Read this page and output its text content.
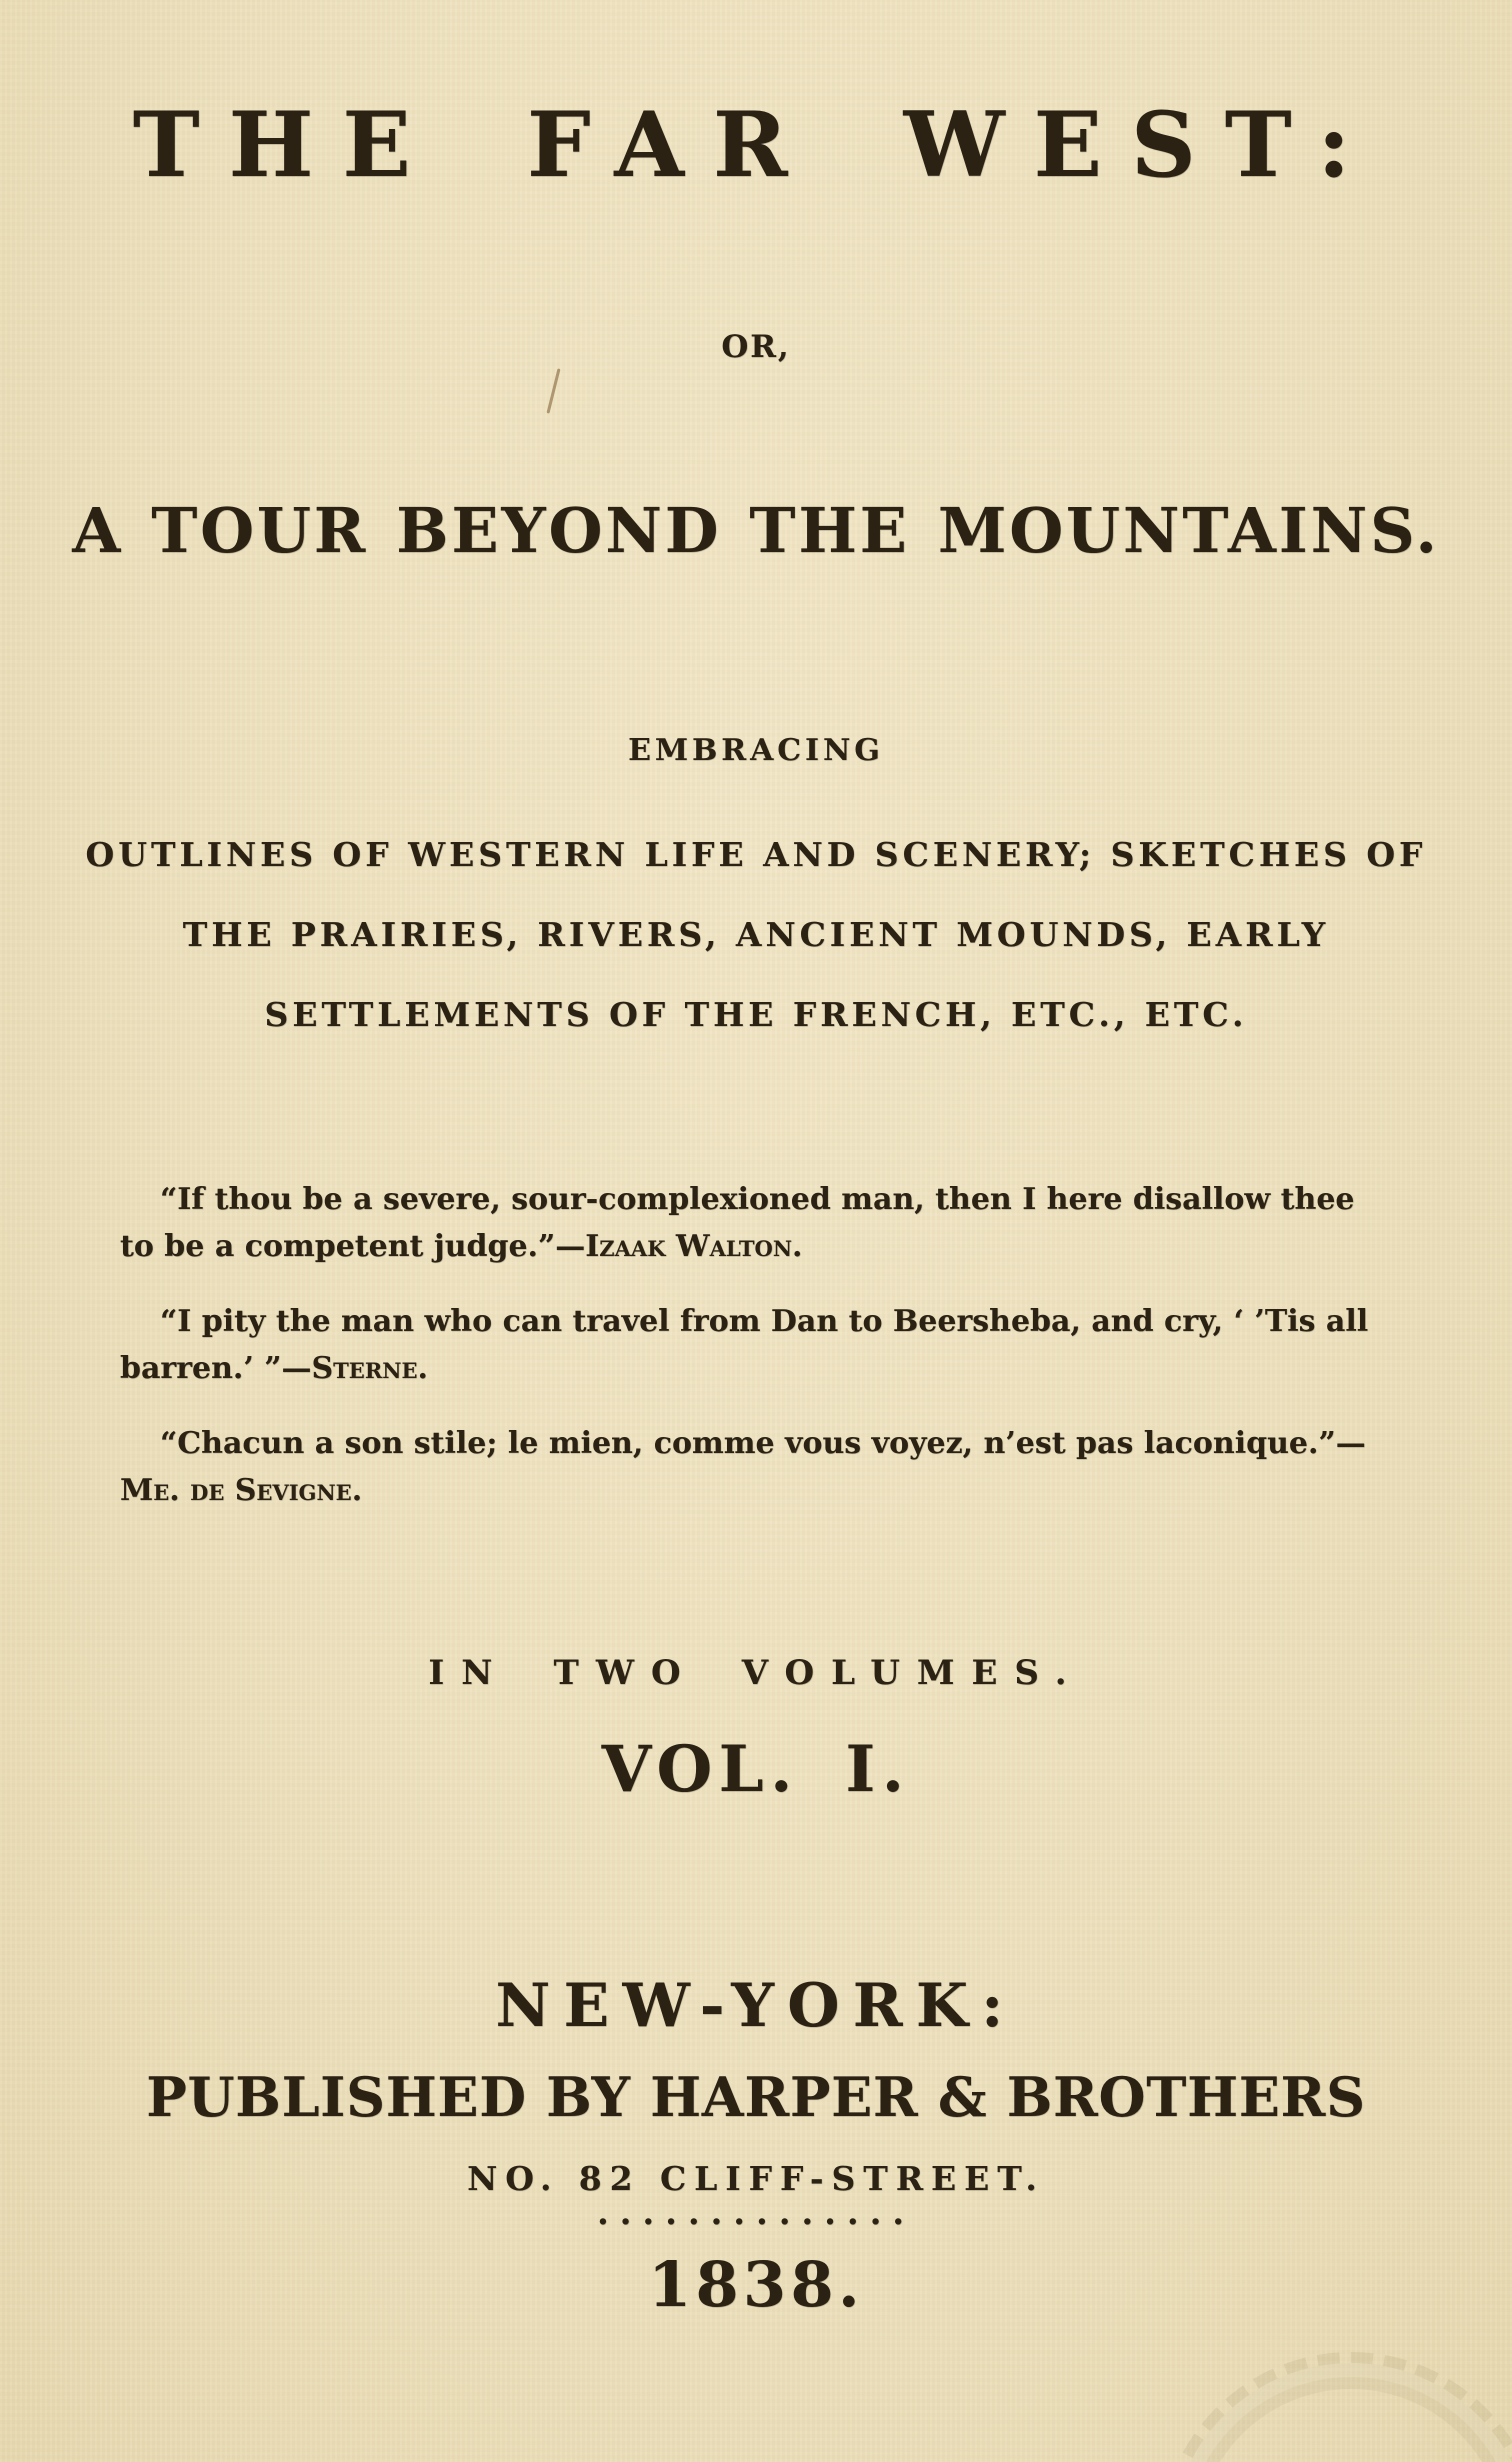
THE FAR WEST:
OR,
A TOUR BEYOND THE MOUNTAINS.
EMBRACING
OUTLINES OF WESTERN LIFE AND SCENERY; SKETCHES OF
THE PRAIRIES, RIVERS, ANCIENT MOUNDS, EARLY
SETTLEMENTS OF THE FRENCH, ETC., ETC.

“If thou be a severe, sour-complexioned man, then I here disallow thee to be a competent judge.”—Izaak Walton.

“I pity the man who can travel from Dan to Beersheba, and cry, ‘ ’Tis all barren.’ ”—Sterne.

“Chacun a son stile; le mien, comme vous voyez, n’est pas laconique.”—Me. de Sevigne.

IN TWO VOLUMES.
VOL. I.
NEW-YORK:
PUBLISHED BY HARPER & BROTHERS
NO. 82 CLIFF-STREET.
..............
1838.
